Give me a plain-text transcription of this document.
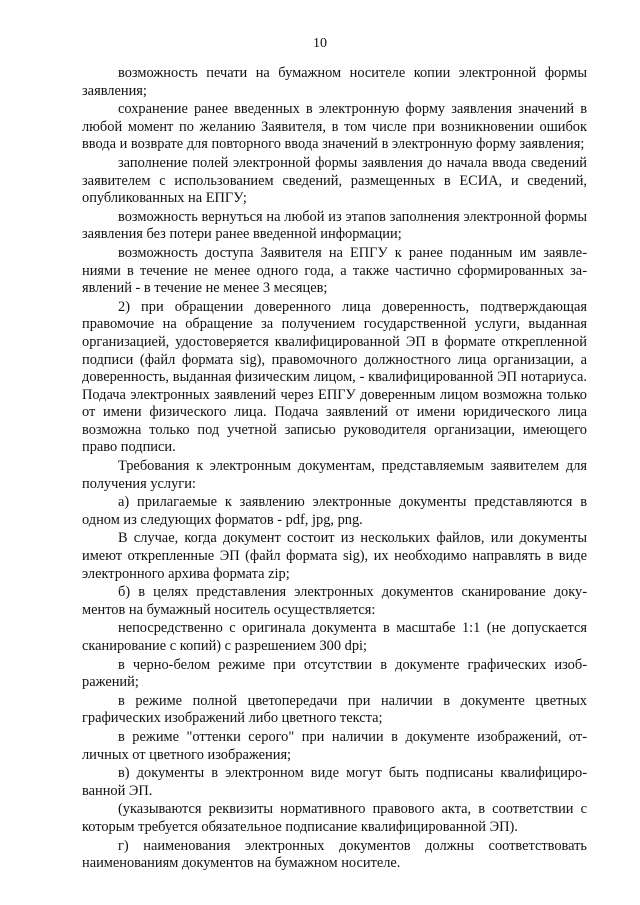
10

возможность печати на бумажном носителе копии электронной формы заявления;

сохранение ранее введенных в электронную форму заявления значений в любой момент по желанию Заявителя, в том числе при возникновении ошибок ввода и возврате для повторного ввода значений в электронную форму заявления;

заполнение полей электронной формы заявления до начала ввода сведений заявителем с использованием сведений, размещенных в ЕСИА, и сведений, опубликованных на ЕПГУ;

возможность вернуться на любой из этапов заполнения электронной формы заявления без потери ранее введенной информации;

возможность доступа Заявителя на ЕПГУ к ранее поданным им заявлениями в течение не менее одного года, а также частично сформированных заявлений - в течение не менее 3 месяцев;

2) при обращении доверенного лица доверенность, подтверждающая правомочие на обращение за получением государственной услуги, выданная организацией, удостоверяется квалифицированной ЭП в формате открепленной подписи (файл формата sig), правомочного должностного лица организации, а доверенность, выданная физическим лицом, - квалифицированной ЭП нотариуса. Подача электронных заявлений через ЕПГУ доверенным лицом возможна только от имени физического лица. Подача заявлений от имени юридического лица возможна только под учетной записью руководителя организации, имеющего право подписи.

Требования к электронным документам, представляемым заявителем для получения услуги:

а) прилагаемые к заявлению электронные документы представляются в одном из следующих форматов - pdf, jpg, png.

В случае, когда документ состоит из нескольких файлов, или документы имеют открепленные ЭП (файл формата sig), их необходимо направлять в виде электронного архива формата zip;

б) в целях представления электронных документов сканирование документов на бумажный носитель осуществляется:

непосредственно с оригинала документа в масштабе 1:1 (не допускается сканирование с копий) с разрешением 300 dpi;

в черно-белом режиме при отсутствии в документе графических изображений;

в режиме полной цветопередачи при наличии в документе цветных графических изображений либо цветного текста;

в режиме "оттенки серого" при наличии в документе изображений, отличных от цветного изображения;

в) документы в электронном виде могут быть подписаны квалифицированной ЭП.

(указываются реквизиты нормативного правового акта, в соответствии с которым требуется обязательное подписание квалифицированной ЭП).

г) наименования электронных документов должны соответствовать наименованиям документов на бумажном носителе.
